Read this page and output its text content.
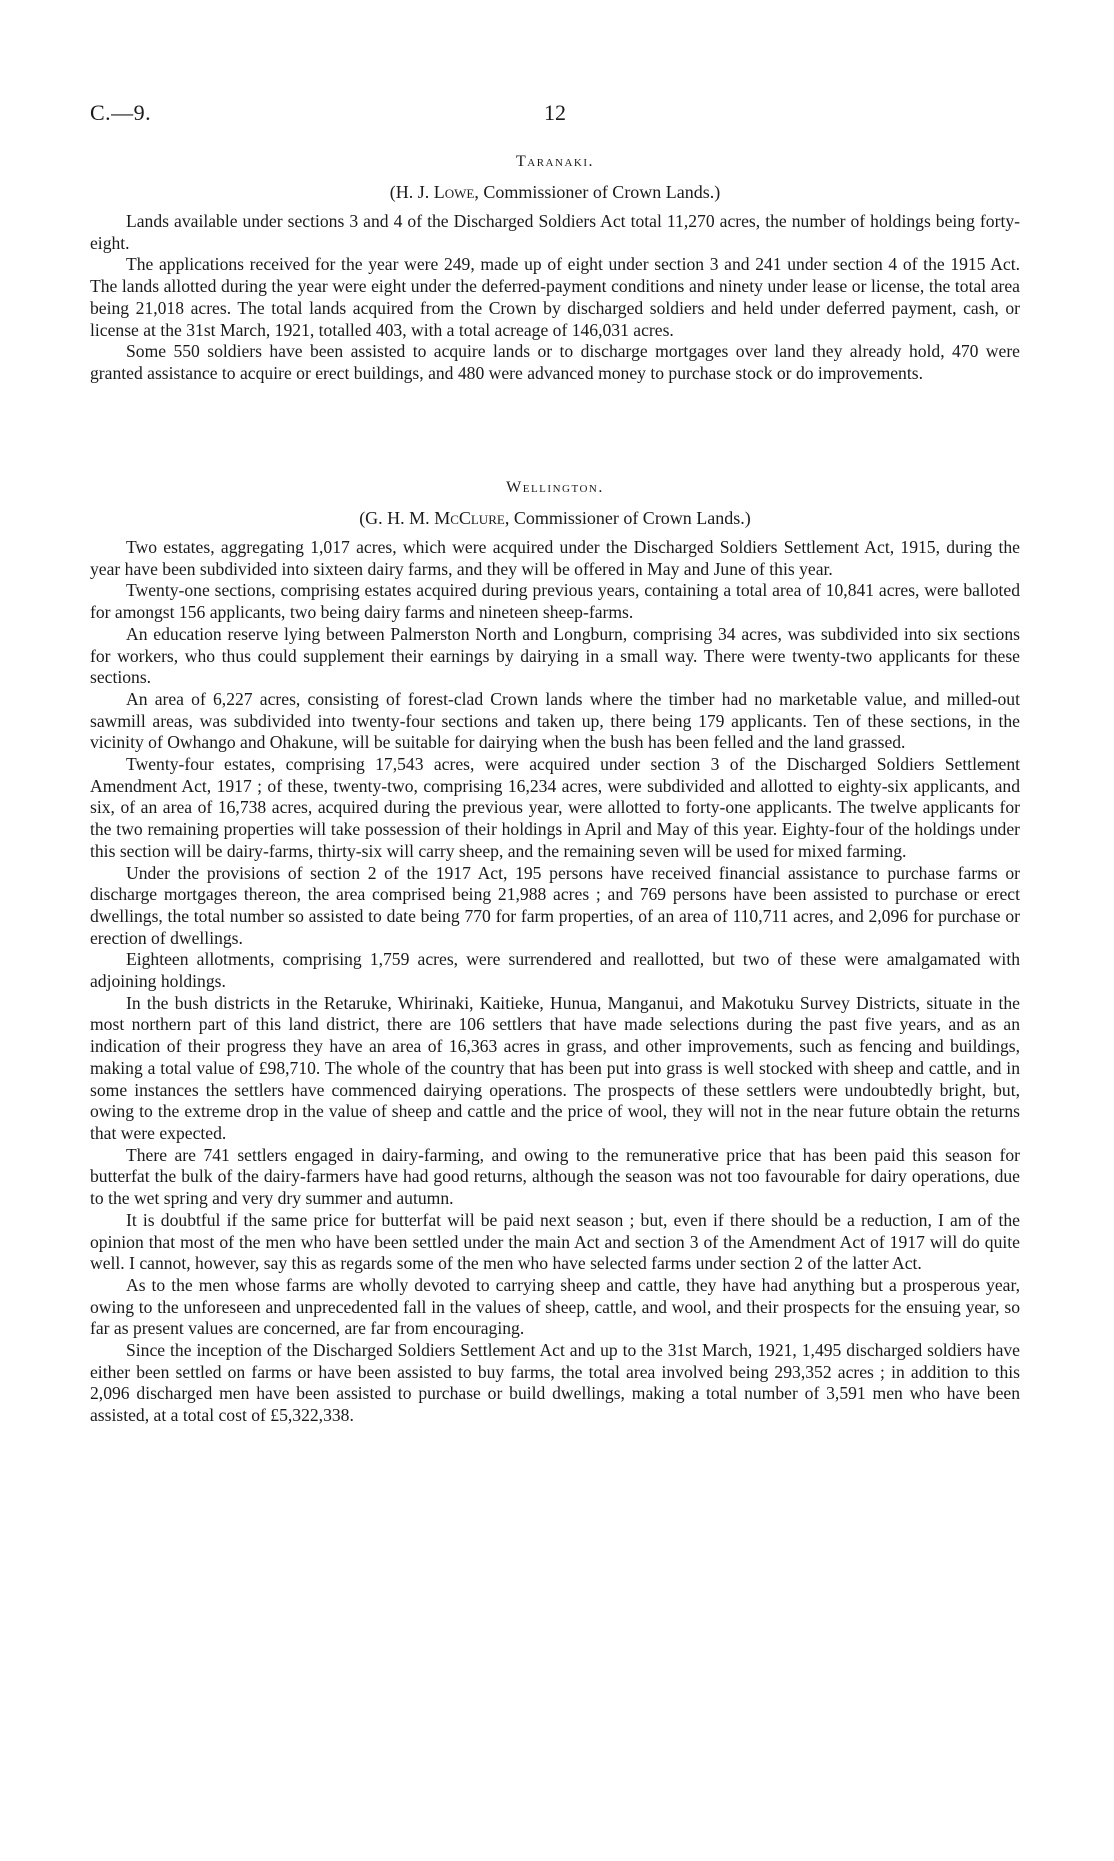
C.—9.	12

Taranaki.

(H. J. Lowe, Commissioner of Crown Lands.)

Lands available under sections 3 and 4 of the Discharged Soldiers Act total 11,270 acres, the number of holdings being forty-eight.

The applications received for the year were 249, made up of eight under section 3 and 241 under section 4 of the 1915 Act. The lands allotted during the year were eight under the deferred-payment conditions and ninety under lease or license, the total area being 21,018 acres. The total lands acquired from the Crown by discharged soldiers and held under deferred payment, cash, or license at the 31st March, 1921, totalled 403, with a total acreage of 146,031 acres.

Some 550 soldiers have been assisted to acquire lands or to discharge mortgages over land they already hold, 470 were granted assistance to acquire or erect buildings, and 480 were advanced money to purchase stock or do improvements.

Wellington.

(G. H. M. McClure, Commissioner of Crown Lands.)

Two estates, aggregating 1,017 acres, which were acquired under the Discharged Soldiers Settlement Act, 1915, during the year have been subdivided into sixteen dairy farms, and they will be offered in May and June of this year.

Twenty-one sections, comprising estates acquired during previous years, containing a total area of 10,841 acres, were balloted for amongst 156 applicants, two being dairy farms and nineteen sheep-farms.

An education reserve lying between Palmerston North and Longburn, comprising 34 acres, was subdivided into six sections for workers, who thus could supplement their earnings by dairying in a small way. There were twenty-two applicants for these sections.

An area of 6,227 acres, consisting of forest-clad Crown lands where the timber had no marketable value, and milled-out sawmill areas, was subdivided into twenty-four sections and taken up, there being 179 applicants. Ten of these sections, in the vicinity of Owhango and Ohakune, will be suitable for dairying when the bush has been felled and the land grassed.

Twenty-four estates, comprising 17,543 acres, were acquired under section 3 of the Discharged Soldiers Settlement Amendment Act, 1917 ; of these, twenty-two, comprising 16,234 acres, were subdivided and allotted to eighty-six applicants, and six, of an area of 16,738 acres, acquired during the previous year, were allotted to forty-one applicants. The twelve applicants for the two remaining properties will take possession of their holdings in April and May of this year. Eighty-four of the holdings under this section will be dairy-farms, thirty-six will carry sheep, and the remaining seven will be used for mixed farming.

Under the provisions of section 2 of the 1917 Act, 195 persons have received financial assistance to purchase farms or discharge mortgages thereon, the area comprised being 21,988 acres ; and 769 persons have been assisted to purchase or erect dwellings, the total number so assisted to date being 770 for farm properties, of an area of 110,711 acres, and 2,096 for purchase or erection of dwellings.

Eighteen allotments, comprising 1,759 acres, were surrendered and reallotted, but two of these were amalgamated with adjoining holdings.

In the bush districts in the Retaruke, Whirinaki, Kaitieke, Hunua, Manganui, and Makotuku Survey Districts, situate in the most northern part of this land district, there are 106 settlers that have made selections during the past five years, and as an indication of their progress they have an area of 16,363 acres in grass, and other improvements, such as fencing and buildings, making a total value of £98,710. The whole of the country that has been put into grass is well stocked with sheep and cattle, and in some instances the settlers have commenced dairying operations. The prospects of these settlers were undoubtedly bright, but, owing to the extreme drop in the value of sheep and cattle and the price of wool, they will not in the near future obtain the returns that were expected.

There are 741 settlers engaged in dairy-farming, and owing to the remunerative price that has been paid this season for butterfat the bulk of the dairy-farmers have had good returns, although the season was not too favourable for dairy operations, due to the wet spring and very dry summer and autumn.

It is doubtful if the same price for butterfat will be paid next season ; but, even if there should be a reduction, I am of the opinion that most of the men who have been settled under the main Act and section 3 of the Amendment Act of 1917 will do quite well. I cannot, however, say this as regards some of the men who have selected farms under section 2 of the latter Act.

As to the men whose farms are wholly devoted to carrying sheep and cattle, they have had anything but a prosperous year, owing to the unforeseen and unprecedented fall in the values of sheep, cattle, and wool, and their prospects for the ensuing year, so far as present values are concerned, are far from encouraging.

Since the inception of the Discharged Soldiers Settlement Act and up to the 31st March, 1921, 1,495 discharged soldiers have either been settled on farms or have been assisted to buy farms, the total area involved being 293,352 acres ; in addition to this 2,096 discharged men have been assisted to purchase or build dwellings, making a total number of 3,591 men who have been assisted, at a total cost of £5,322,338.
